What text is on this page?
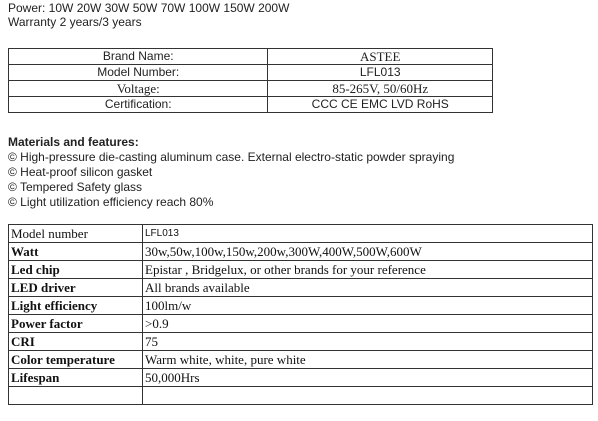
Power: 10W 20W 30W 50W 70W 100W 150W 200W
Warranty 2 years/3 years
Brand Name:	ASTEE
Model Number:	LFL013
Voltage:	85-265V, 50/60Hz
Certification:	CCC CE EMC LVD RoHS
Materials and features:
© High-pressure die-casting aluminum case. External electro-static powder spraying
© Heat-proof silicon gasket
© Tempered Safety glass
© Light utilization efficiency reach 80%
Model number	LFL013
Watt	30w,50w,100w,150w,200w,300W,400W,500W,600W
Led chip	Epistar , Bridgelux, or other brands for your reference
LED driver	All brands available
Light efficiency	100lm/w
Power factor	>0.9
CRI	75
Color temperature	Warm white, white, pure white
Lifespan	50,000Hrs
